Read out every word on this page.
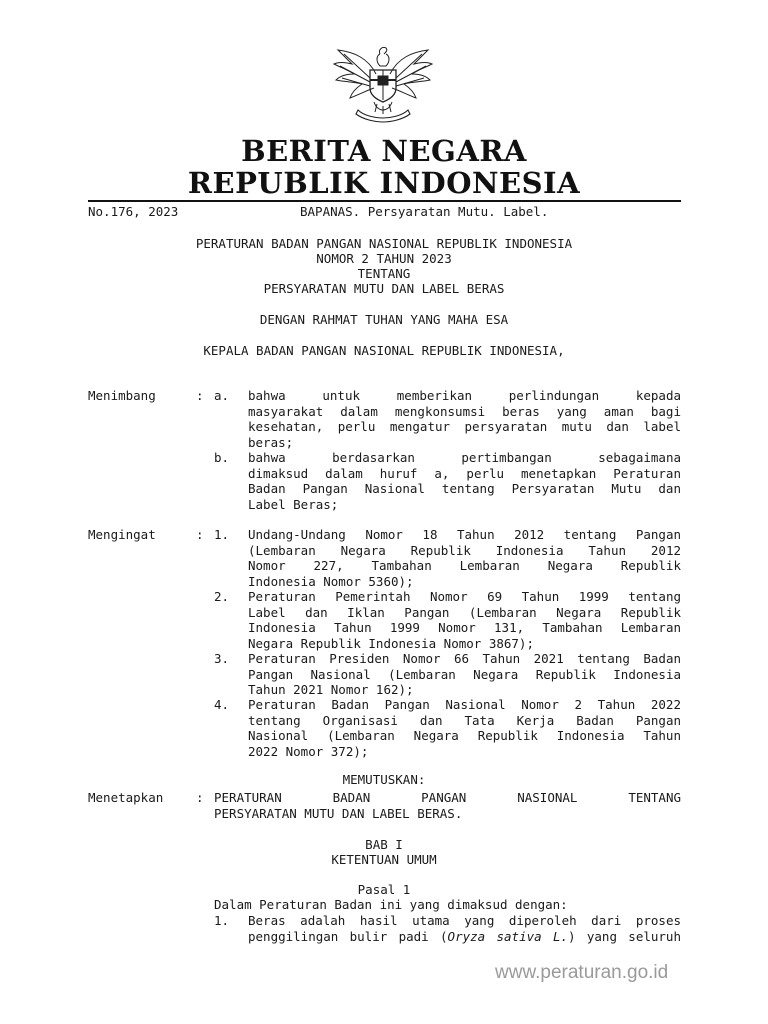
BERITA NEGARA
REPUBLIK INDONESIA
No.176, 2023	BAPANAS. Persyaratan Mutu. Label.
PERATURAN BADAN PANGAN NASIONAL REPUBLIK INDONESIA
NOMOR 2 TAHUN 2023
TENTANG
PERSYARATAN MUTU DAN LABEL BERAS
DENGAN RAHMAT TUHAN YANG MAHA ESA
KEPALA BADAN PANGAN NASIONAL REPUBLIK INDONESIA,
Menimbang	: a. bahwa untuk memberikan perlindungan kepada
masyarakat dalam mengkonsumsi beras yang aman bagi
kesehatan, perlu mengatur persyaratan mutu dan label
beras;
b. bahwa berdasarkan pertimbangan sebagaimana
dimaksud dalam huruf a, perlu menetapkan Peraturan
Badan Pangan Nasional tentang Persyaratan Mutu dan
Label Beras;
Mengingat	: 1. Undang-Undang Nomor 18 Tahun 2012 tentang Pangan
(Lembaran Negara Republik Indonesia Tahun 2012
Nomor 227, Tambahan Lembaran Negara Republik
Indonesia Nomor 5360);
2. Peraturan Pemerintah Nomor 69 Tahun 1999 tentang
Label dan Iklan Pangan (Lembaran Negara Republik
Indonesia Tahun 1999 Nomor 131, Tambahan Lembaran
Negara Republik Indonesia Nomor 3867);
3. Peraturan Presiden Nomor 66 Tahun 2021 tentang Badan
Pangan Nasional (Lembaran Negara Republik Indonesia
Tahun 2021 Nomor 162);
4. Peraturan Badan Pangan Nasional Nomor 2 Tahun 2022
tentang Organisasi dan Tata Kerja Badan Pangan
Nasional (Lembaran Negara Republik Indonesia Tahun
2022 Nomor 372);
MEMUTUSKAN:
Menetapkan	: PERATURAN BADAN PANGAN NASIONAL TENTANG
PERSYARATAN MUTU DAN LABEL BERAS.
BAB I
KETENTUAN UMUM
Pasal 1
Dalam Peraturan Badan ini yang dimaksud dengan:
1. Beras adalah hasil utama yang diperoleh dari proses
penggilingan bulir padi (Oryza sativa L.) yang seluruh
www.peraturan.go.id
